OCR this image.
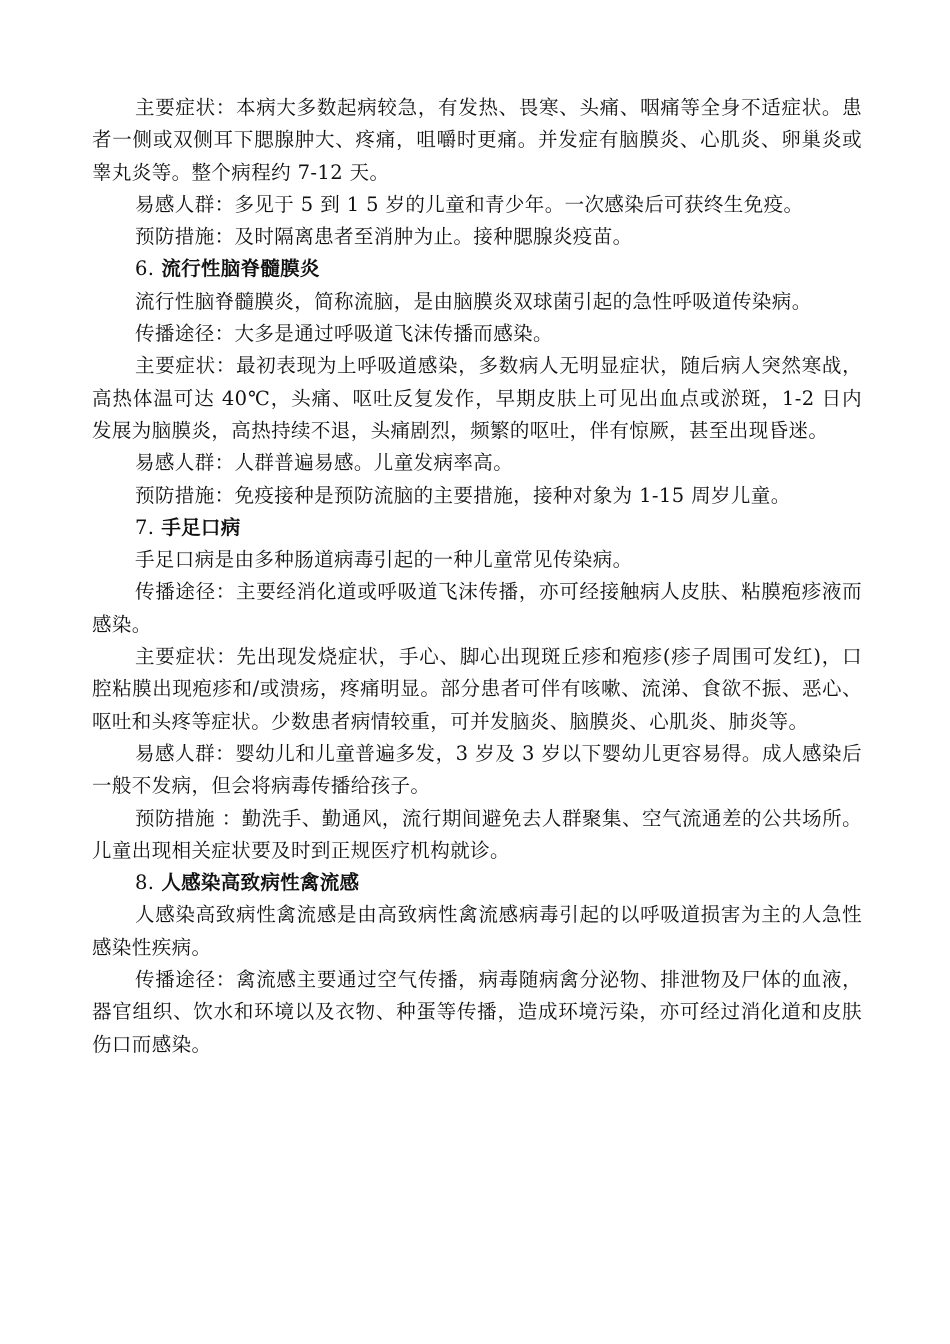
主要症状：本病大多数起病较急，有发热、畏寒、头痛、咽痛等全身不适症状。患者一侧或双侧耳下腮腺肿大、疼痛，咀嚼时更痛。并发症有脑膜炎、心肌炎、卵巢炎或睾丸炎等。整个病程约 7-12 天。

易感人群：多见于 5 到 1 5 岁的儿童和青少年。一次感染后可获终生免疫。

预防措施：及时隔离患者至消肿为止。接种腮腺炎疫苗。

6. 流行性脑脊髓膜炎

流行性脑脊髓膜炎，简称流脑，是由脑膜炎双球菌引起的急性呼吸道传染病。

传播途径：大多是通过呼吸道飞沫传播而感染。

主要症状：最初表现为上呼吸道感染，多数病人无明显症状，随后病人突然寒战，高热体温可达 40℃，头痛、呕吐反复发作，早期皮肤上可见出血点或淤斑，1-2 日内发展为脑膜炎，高热持续不退，头痛剧烈，频繁的呕吐，伴有惊厥，甚至出现昏迷。

易感人群：人群普遍易感。儿童发病率高。

预防措施：免疫接种是预防流脑的主要措施，接种对象为 1-15 周岁儿童。

7. 手足口病

手足口病是由多种肠道病毒引起的一种儿童常见传染病。

传播途径：主要经消化道或呼吸道飞沫传播，亦可经接触病人皮肤、粘膜疱疹液而感染。

主要症状：先出现发烧症状，手心、脚心出现斑丘疹和疱疹(疹子周围可发红)，口腔粘膜出现疱疹和/或溃疡，疼痛明显。部分患者可伴有咳嗽、流涕、食欲不振、恶心、呕吐和头疼等症状。少数患者病情较重，可并发脑炎、脑膜炎、心肌炎、肺炎等。

易感人群：婴幼儿和儿童普遍多发，3 岁及 3 岁以下婴幼儿更容易得。成人感染后一般不发病，但会将病毒传播给孩子。

预防措施 ：勤洗手、勤通风，流行期间避免去人群聚集、空气流通差的公共场所。儿童出现相关症状要及时到正规医疗机构就诊。

8. 人感染高致病性禽流感

人感染高致病性禽流感是由高致病性禽流感病毒引起的以呼吸道损害为主的人急性感染性疾病。

传播途径：禽流感主要通过空气传播，病毒随病禽分泌物、排泄物及尸体的血液，器官组织、饮水和环境以及衣物、种蛋等传播，造成环境污染，亦可经过消化道和皮肤伤口而感染。
